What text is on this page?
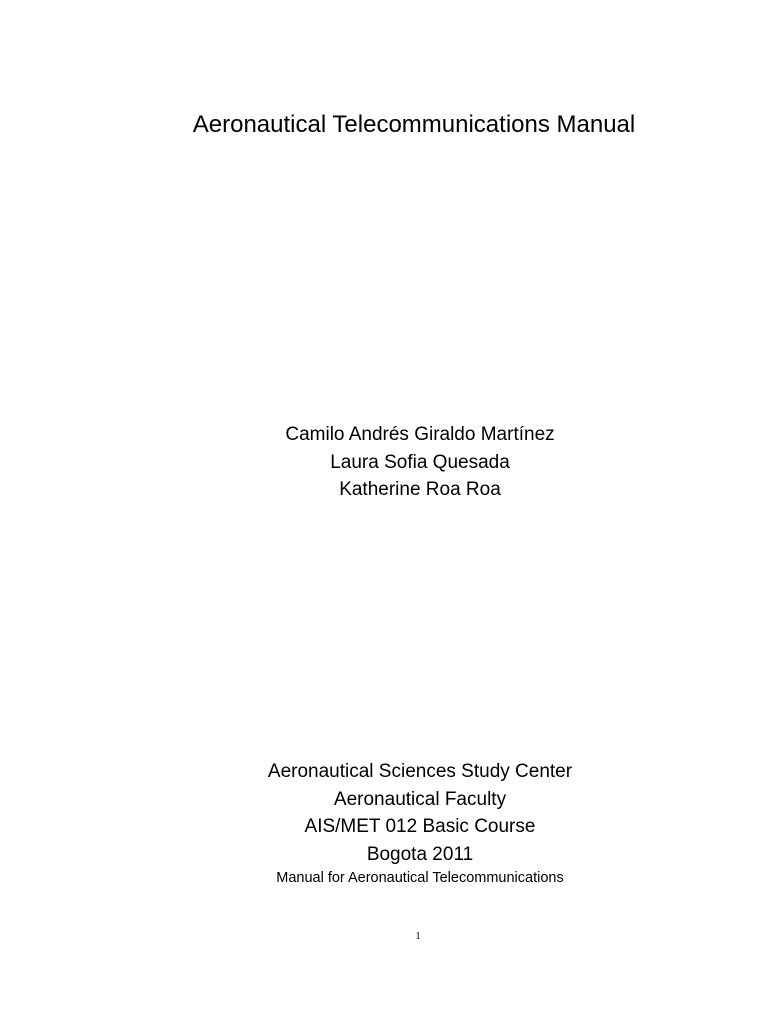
Aeronautical Telecommunications Manual
Camilo Andrés Giraldo Martínez
Laura Sofia Quesada
Katherine Roa Roa
Aeronautical Sciences Study Center
Aeronautical Faculty
AIS/MET 012 Basic Course
Bogota 2011
Manual for Aeronautical Telecommunications
1
